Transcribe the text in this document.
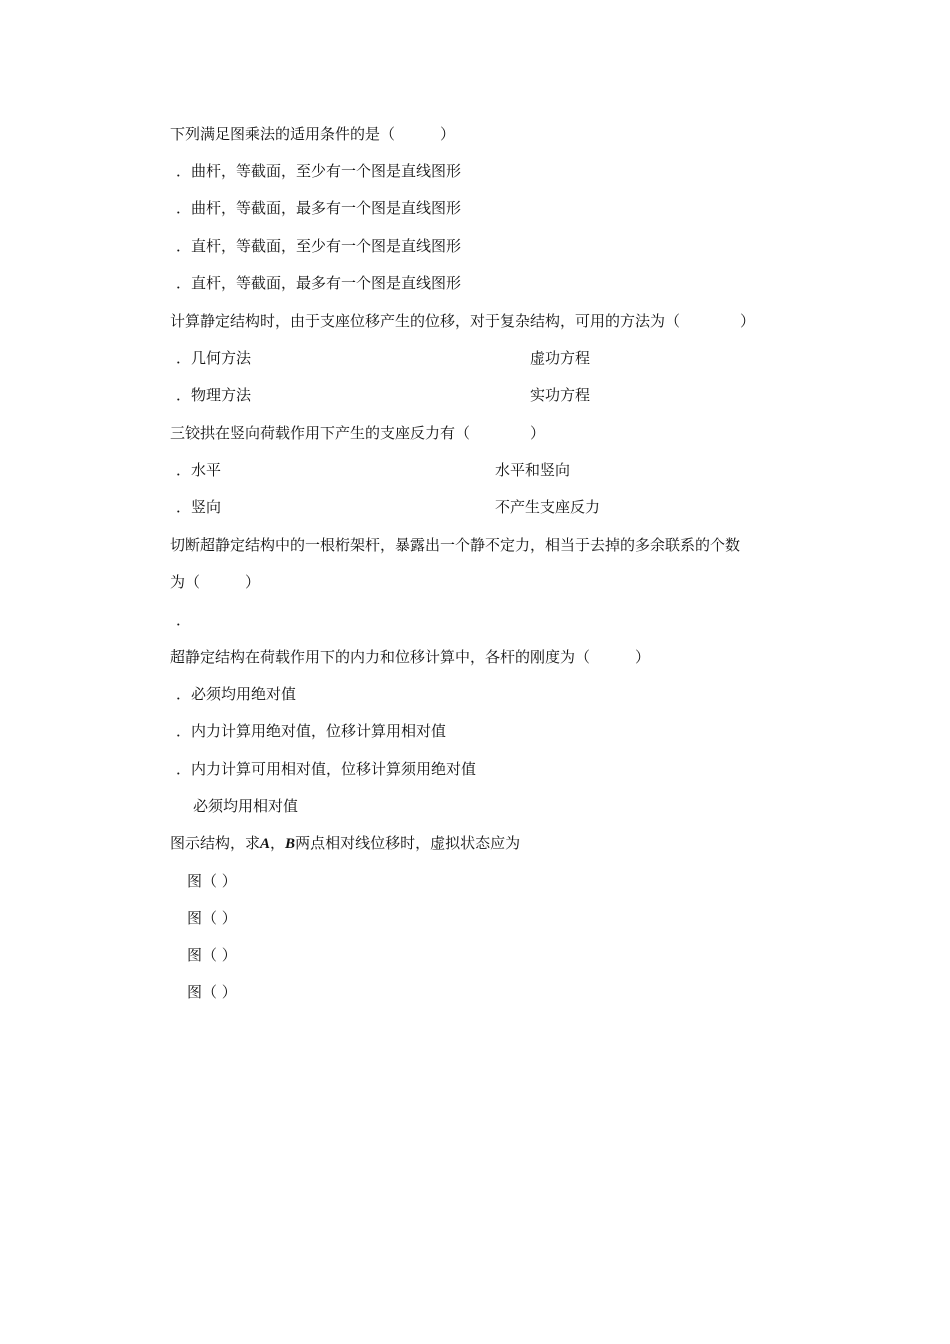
下列满足图乘法的适用条件的是（　　　）
．曲杆，等截面，至少有一个图是直线图形
．曲杆，等截面，最多有一个图是直线图形
．直杆，等截面，至少有一个图是直线图形
．直杆，等截面，最多有一个图是直线图形
计算静定结构时，由于支座位移产生的位移，对于复杂结构，可用的方法为（　　　　）
．几何方法	虚功方程
．物理方法	实功方程
三铰拱在竖向荷载作用下产生的支座反力有（　　　　）
．水平	水平和竖向
．竖向	不产生支座反力
切断超静定结构中的一根桁架杆，暴露出一个静不定力，相当于去掉的多余联系的个数
为（　　　）
．
超静定结构在荷载作用下的内力和位移计算中，各杆的刚度为（　　　）
．必须均用绝对值
．内力计算用绝对值，位移计算用相对值
．内力计算可用相对值，位移计算须用绝对值
必须均用相对值
图示结构，求A，B两点相对线位移时，虚拟状态应为
图（ ）
图（ ）
图（ ）
图（ ）
